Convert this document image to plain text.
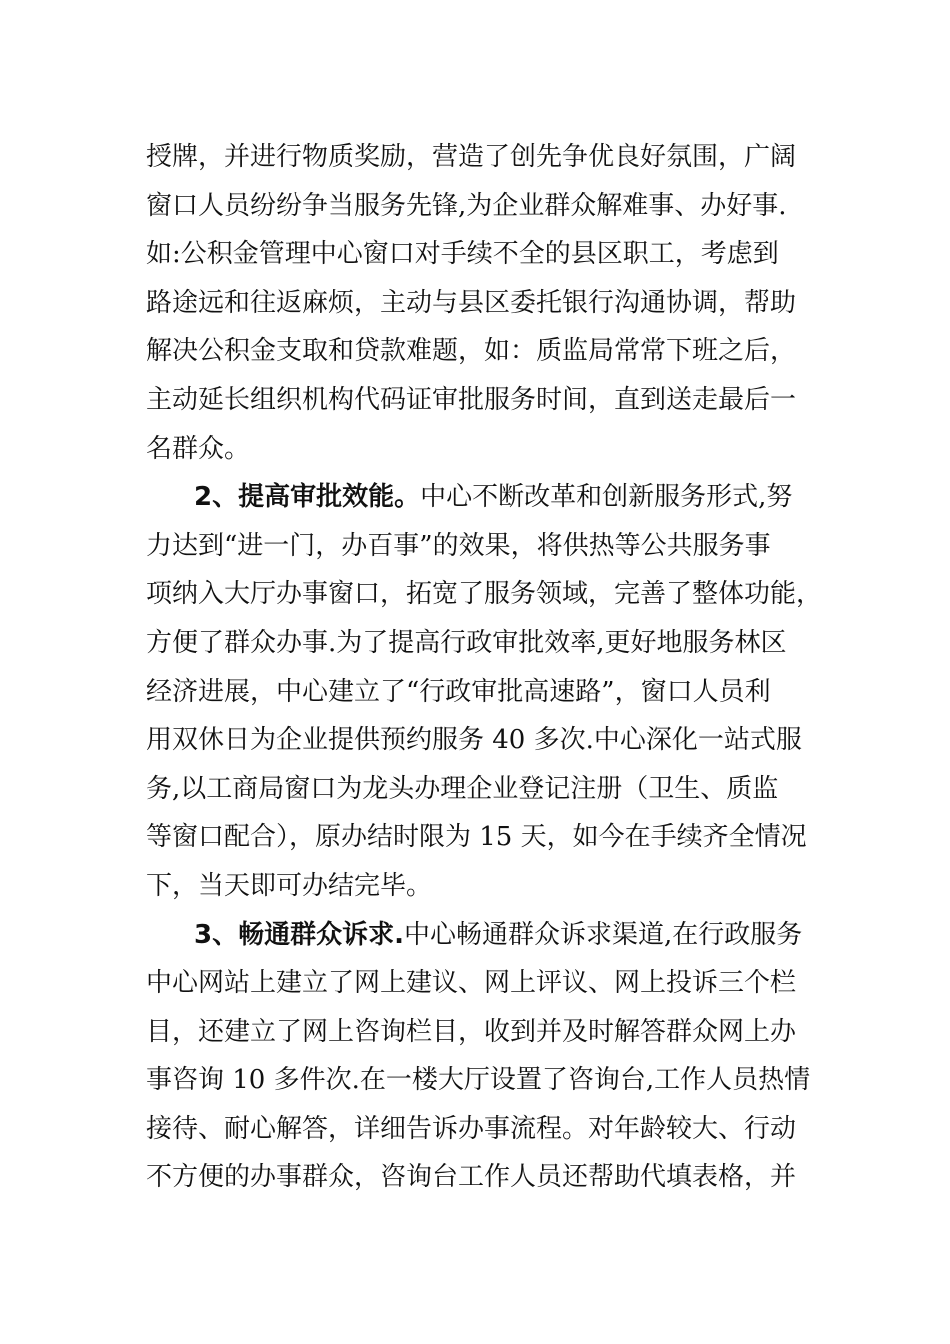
授牌，并进行物质奖励，营造了创先争优良好氛围，广阔
窗口人员纷纷争当服务先锋,为企业群众解难事、办好事.
如:公积金管理中心窗口对手续不全的县区职工，考虑到
路途远和往返麻烦，主动与县区委托银行沟通协调，帮助
解决公积金支取和贷款难题，如：质监局常常下班之后，
主动延长组织机构代码证审批服务时间，直到送走最后一
名群众。
2、提高审批效能。中心不断改革和创新服务形式,努
力达到“进一门，办百事”的效果，将供热等公共服务事
项纳入大厅办事窗口，拓宽了服务领域，完善了整体功能，
方便了群众办事.为了提高行政审批效率,更好地服务林区
经济进展，中心建立了“行政审批高速路”，窗口人员利
用双休日为企业提供预约服务 40 多次.中心深化一站式服
务,以工商局窗口为龙头办理企业登记注册（卫生、质监
等窗口配合），原办结时限为 15 天，如今在手续齐全情况
下，当天即可办结完毕。
3、畅通群众诉求.中心畅通群众诉求渠道,在行政服务
中心网站上建立了网上建议、网上评议、网上投诉三个栏
目，还建立了网上咨询栏目，收到并及时解答群众网上办
事咨询 10 多件次.在一楼大厅设置了咨询台,工作人员热情
接待、耐心解答，详细告诉办事流程。对年龄较大、行动
不方便的办事群众，咨询台工作人员还帮助代填表格，并
